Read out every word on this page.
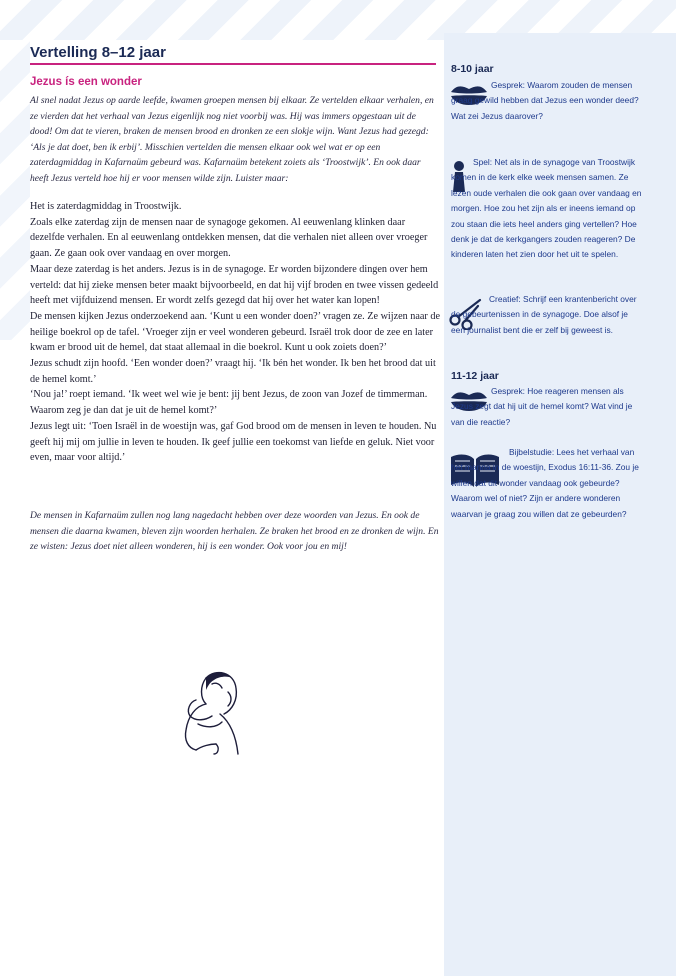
Vertelling 8–12 jaar
Jezus ís een wonder
Al snel nadat Jezus op aarde leefde, kwamen groepen mensen bij elkaar. Ze vertelden elkaar verhalen, en ze vierden dat het verhaal van Jezus eigenlijk nog niet voorbij was. Hij was immers opgestaan uit de dood! Om dat te vieren, braken de mensen brood en dronken ze een slokje wijn. Want Jezus had gezegd: ‘Als je dat doet, ben ik erbij’. Misschien vertelden die mensen elkaar ook wel wat er op een zaterdagmiddag in Kafarnaüm gebeurd was. Kafarnaüm betekent zoiets als ‘Troostwijk’. En ook daar heeft Jezus verteld hoe hij er voor mensen wilde zijn. Luister maar:

Het is zaterdagmiddag in Troostwijk.

Zoals elke zaterdag zijn de mensen naar de synagoge gekomen. Al eeuwenlang klinken daar dezelfde verhalen. En al eeuwenlang ontdekken mensen, dat die verhalen niet alleen over vroeger gaan. Ze gaan ook over vandaag en over morgen.

Maar deze zaterdag is het anders. Jezus is in de synagoge. Er worden bijzondere dingen over hem verteld: dat hij zieke mensen beter maakt bijvoorbeeld, en dat hij vijf broden en twee vissen gedeeld heeft met vijfduizend mensen. Er wordt zelfs gezegd dat hij over het water kan lopen!

De mensen kijken Jezus onderzoekend aan. ‘Kunt u een wonder doen?’ vragen ze. Ze wijzen naar de heilige boekrol op de tafel. ‘Vroeger zijn er veel wonderen gebeurd. Israël trok door de zee en later kwam er brood uit de hemel, dat staat allemaal in die boekrol. Kunt u ook zoiets doen?’

Jezus schudt zijn hoofd. ‘Een wonder doen?’ vraagt hij. ‘Ik bén het wonder. Ik ben het brood dat uit de hemel komt.’

‘Nou ja!’ roept iemand. ‘Ik weet wel wie je bent: jij bent Jezus, de zoon van Jozef de timmerman. Waarom zeg je dan dat je uit de hemel komt?’

Jezus legt uit: ‘Toen Israël in de woestijn was, gaf God brood om de mensen in leven te houden. Nu geeft hij mij om jullie in leven te houden. Ik geef jullie een toekomst van liefde en geluk. Niet voor even, maar voor altijd.’

De mensen in Kafarnaüm zullen nog lang nagedacht hebben over deze woorden van Jezus. En ook de mensen die daarna kwamen, bleven zijn woorden herhalen. Ze braken het brood en ze dronken de wijn. En ze wisten: Jezus doet niet alleen wonderen, hij is een wonder. Ook voor jou en mij!
8-10 jaar
Gesprek: Waarom zouden de mensen graag gewild hebben dat Jezus een wonder deed? Wat zei Jezus daarover?
Spel: Net als in de synagoge van Troostwijk komen in de kerk elke week mensen samen. Ze lezen oude verhalen die ook gaan over vandaag en morgen. Hoe zou het zijn als er ineens iemand op zou staan die iets heel anders ging vertellen? Hoe denk je dat de kerkgangers zouden reageren? De kinderen laten het zien door het uit te spelen.
Creatief: Schrijf een krantenbericht over de gebeurtenissen in de synagoge. Doe alsof je een journalist bent die er zelf bij geweest is.
11-12 jaar
Gesprek: Hoe reageren mensen als Jezus zegt dat hij uit de hemel komt? Wat vind je van die reactie?
Bijbelstudie: Lees het verhaal van het manna in de woestijn, Exodus 16:11-36. Zou je willen dat dit wonder vandaag ook gebeurde? Waarom wel of niet? Zijn er andere wonderen waarvan je graag zou willen dat ze gebeurden?
